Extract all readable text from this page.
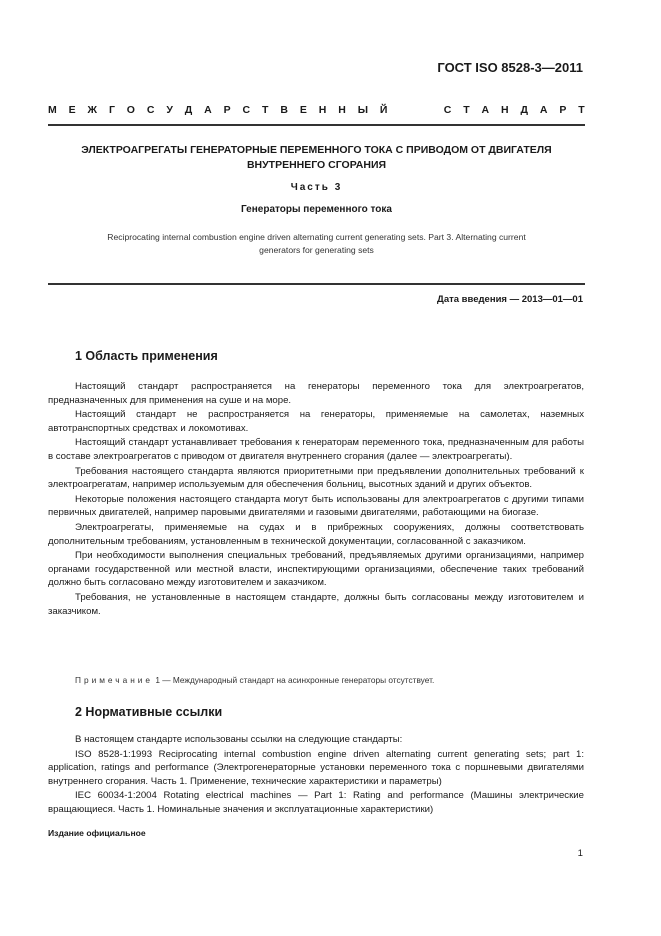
ГОСТ ISO 8528-3—2011
М Е Ж Г О С У Д А Р С Т В Е Н Н Ы Й

	С Т А Н Д А Р Т
ЭЛЕКТРОАГРЕГАТЫ ГЕНЕРАТОРНЫЕ ПЕРЕМЕННОГО ТОКА С ПРИВОДОМ ОТ ДВИГАТЕЛЯ
ВНУТРЕННЕГО СГОРАНИЯ
Часть 3
Генераторы переменного тока
Reciprocating internal combustion engine driven alternating current generating sets. Part 3. Alternating current
generators for generating sets
Дата введения — 2013—01—01
1 Область применения

Настоящий стандарт распространяется на генераторы переменного тока для электроагрегатов, предназначенных для применения на суше и на море.

Настоящий стандарт не распространяется на генераторы, применяемые на самолетах, наземных автотранспортных средствах и локомотивах.

Настоящий стандарт устанавливает требования к генераторам переменного тока, предназначенным для работы в составе электроагрегатов с приводом от двигателя внутреннего сгорания (далее — электроагрегаты).

Требования настоящего стандарта являются приоритетными при предъявлении дополнительных требований к электроагрегатам, например используемым для обеспечения больниц, высотных зданий и других объектов.

Некоторые положения настоящего стандарта могут быть использованы для электроагрегатов с другими типами первичных двигателей, например паровыми двигателями и газовыми двигателями, работающими на биогазе.

Электроагрегаты, применяемые на судах и в прибрежных сооружениях, должны соответствовать дополнительным требованиям, установленным в технической документации, согласованной с заказчиком.

При необходимости выполнения специальных требований, предъявляемых другими организациями, например органами государственной или местной власти, инспектирующими организациями, обеспечение таких требований должно быть согласовано между изготовителем и заказчиком.

Требования, не установленные в настоящем стандарте, должны быть согласованы между изготовителем и заказчиком.

Примечание 1 — Международный стандарт на асинхронные генераторы отсутствует.
2 Нормативные ссылки

В настоящем стандарте использованы ссылки на следующие стандарты:

ISO 8528-1:1993 Reciprocating internal combustion engine driven alternating current generating sets; part 1: application, ratings and performance (Электрогенераторные установки переменного тока с поршневыми двигателями внутреннего сгорания. Часть 1. Применение, технические характеристики и параметры)

IEC 60034-1:2004 Rotating electrical machines — Part 1: Rating and performance (Машины электрические вращающиеся. Часть 1. Номинальные значения и эксплуатационные характеристики)

Издание официальное
1
